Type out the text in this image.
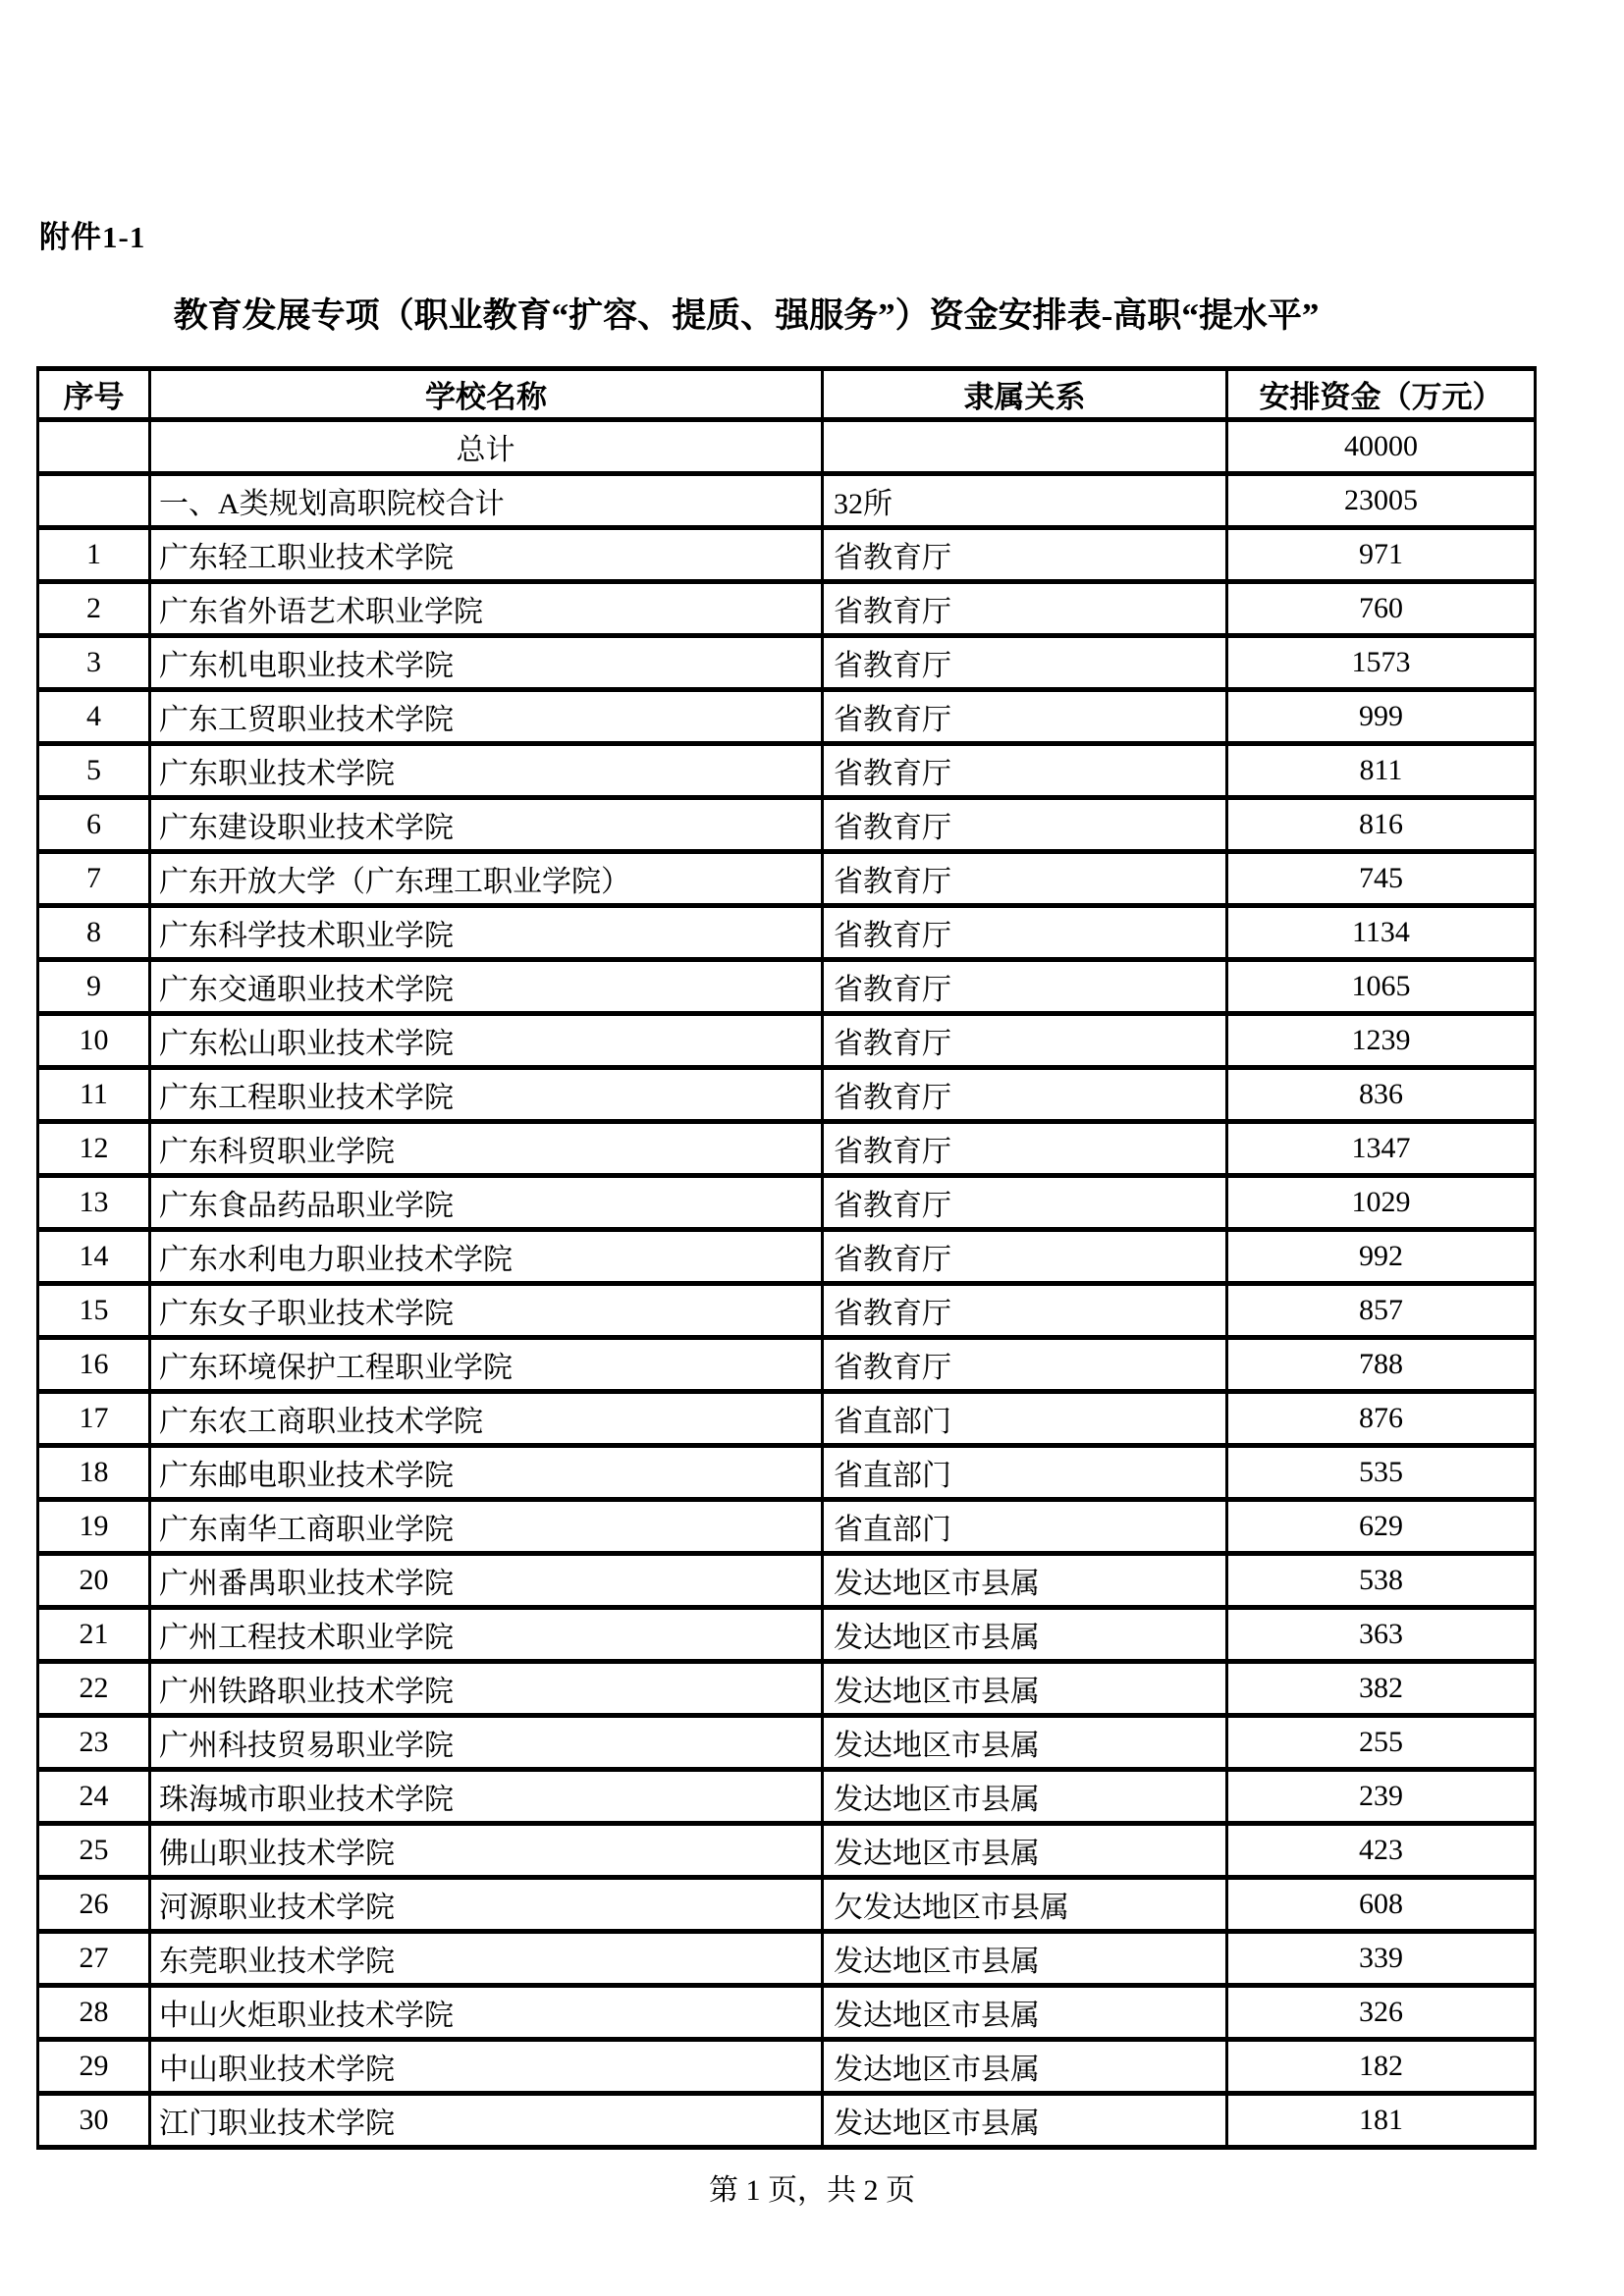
附件1-1
教育发展专项（职业教育“扩容、提质、强服务”）资金安排表-高职“提水平”
序号	学校名称	隶属关系	安排资金（万元）
	总计		40000
	一、A类规划高职院校合计	32所	23005
1	广东轻工职业技术学院	省教育厅	971
2	广东省外语艺术职业学院	省教育厅	760
3	广东机电职业技术学院	省教育厅	1573
4	广东工贸职业技术学院	省教育厅	999
5	广东职业技术学院	省教育厅	811
6	广东建设职业技术学院	省教育厅	816
7	广东开放大学（广东理工职业学院）	省教育厅	745
8	广东科学技术职业学院	省教育厅	1134
9	广东交通职业技术学院	省教育厅	1065
10	广东松山职业技术学院	省教育厅	1239
11	广东工程职业技术学院	省教育厅	836
12	广东科贸职业学院	省教育厅	1347
13	广东食品药品职业学院	省教育厅	1029
14	广东水利电力职业技术学院	省教育厅	992
15	广东女子职业技术学院	省教育厅	857
16	广东环境保护工程职业学院	省教育厅	788
17	广东农工商职业技术学院	省直部门	876
18	广东邮电职业技术学院	省直部门	535
19	广东南华工商职业学院	省直部门	629
20	广州番禺职业技术学院	发达地区市县属	538
21	广州工程技术职业学院	发达地区市县属	363
22	广州铁路职业技术学院	发达地区市县属	382
23	广州科技贸易职业学院	发达地区市县属	255
24	珠海城市职业技术学院	发达地区市县属	239
25	佛山职业技术学院	发达地区市县属	423
26	河源职业技术学院	欠发达地区市县属	608
27	东莞职业技术学院	发达地区市县属	339
28	中山火炬职业技术学院	发达地区市县属	326
29	中山职业技术学院	发达地区市县属	182
30	江门职业技术学院	发达地区市县属	181
第 1 页，共 2 页
